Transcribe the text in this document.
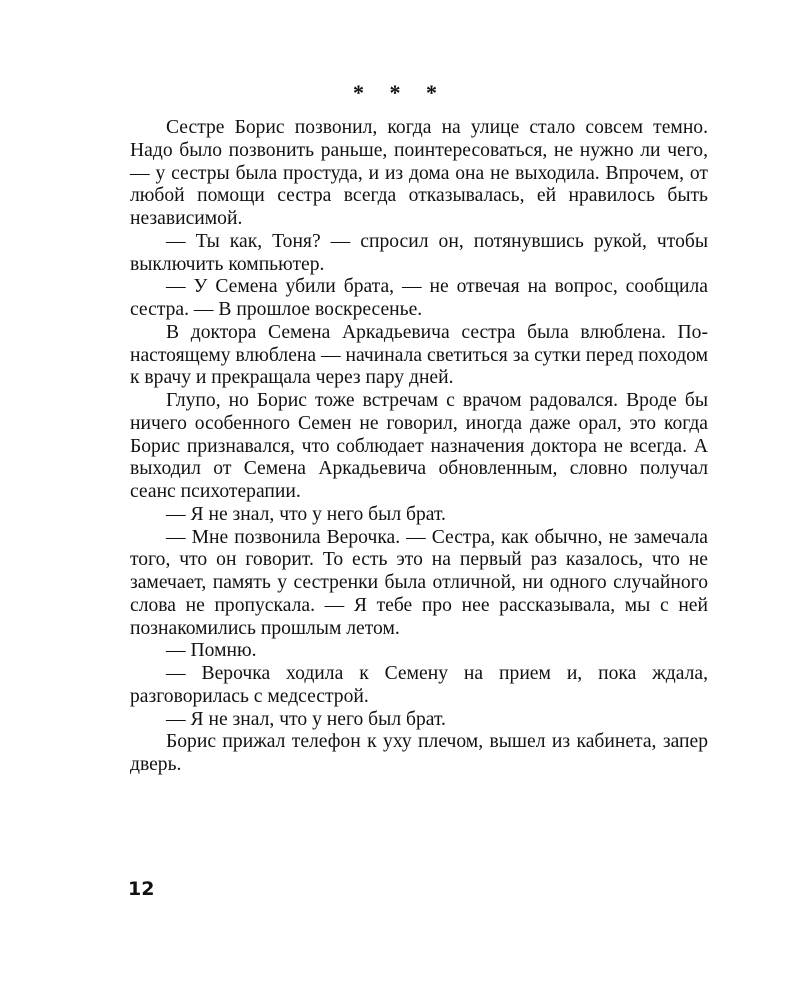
* * *

Сестре Борис позвонил, когда на улице стало совсем темно. Надо было позвонить раньше, поинтересоваться, не нужно ли чего, — у сестры была простуда, и из дома она не выходила. Впрочем, от любой помощи сестра всегда отказывалась, ей нравилось быть независимой.

— Ты как, Тоня? — спросил он, потянувшись рукой, чтобы выключить компьютер.

— У Семена убили брата, — не отвечая на вопрос, сообщила сестра. — В прошлое воскресенье.

В доктора Семена Аркадьевича сестра была влюблена. По-настоящему влюблена — начинала светиться за сутки перед походом к врачу и прекращала через пару дней.

Глупо, но Борис тоже встречам с врачом радовался. Вроде бы ничего особенного Семен не говорил, иногда даже орал, это когда Борис признавался, что соблюдает назначения доктора не всегда. А выходил от Семена Аркадьевича обновленным, словно получал сеанс психотерапии.

— Я не знал, что у него был брат.

— Мне позвонила Верочка. — Сестра, как обычно, не замечала того, что он говорит. То есть это на первый раз казалось, что не замечает, память у сестренки была отличной, ни одного случайного слова не пропускала. — Я тебе про нее рассказывала, мы с ней познакомились прошлым летом.

— Помню.

— Верочка ходила к Семену на прием и, пока ждала, разговорилась с медсестрой.

— Я не знал, что у него был брат.

Борис прижал телефон к уху плечом, вышел из кабинета, запер дверь.

12
